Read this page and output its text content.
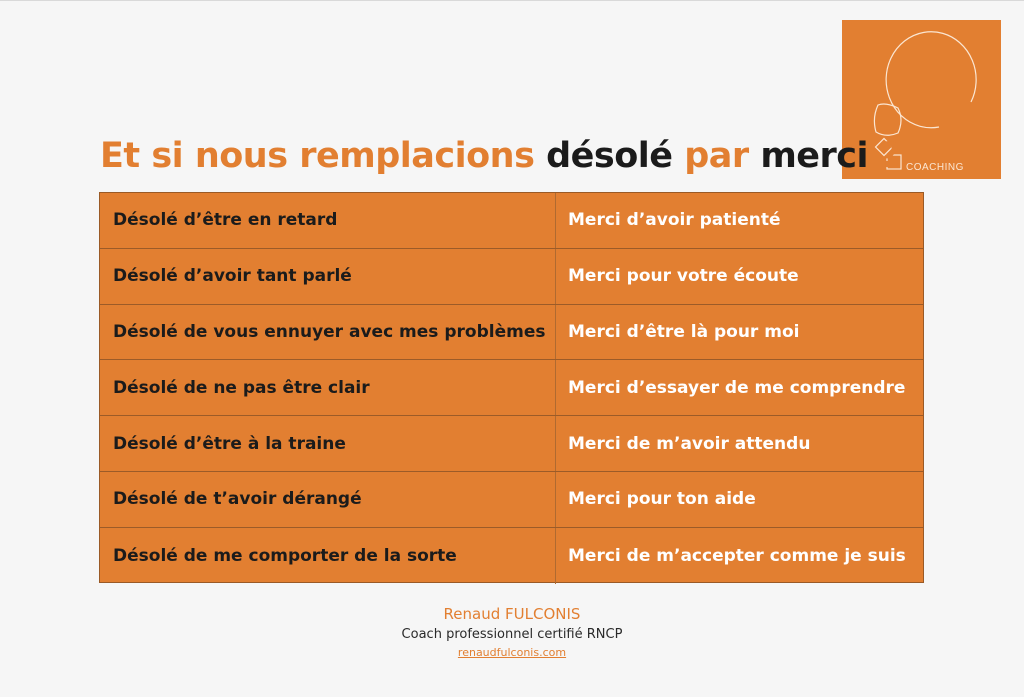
COACHING
Et si nous remplacions désolé par merci ?
Désolé d’être en retard	Merci d’avoir patienté
Désolé d’avoir tant parlé	Merci pour votre écoute
Désolé de vous ennuyer avec mes problèmes	Merci d’être là pour moi
Désolé de ne pas être clair	Merci d’essayer de me comprendre
Désolé d’être à la traine	Merci de m’avoir attendu
Désolé de t’avoir dérangé	Merci pour ton aide
Désolé de me comporter de la sorte	Merci de m’accepter comme je suis
Renaud FULCONIS
Coach professionnel certifié RNCP
renaudfulconis.com
